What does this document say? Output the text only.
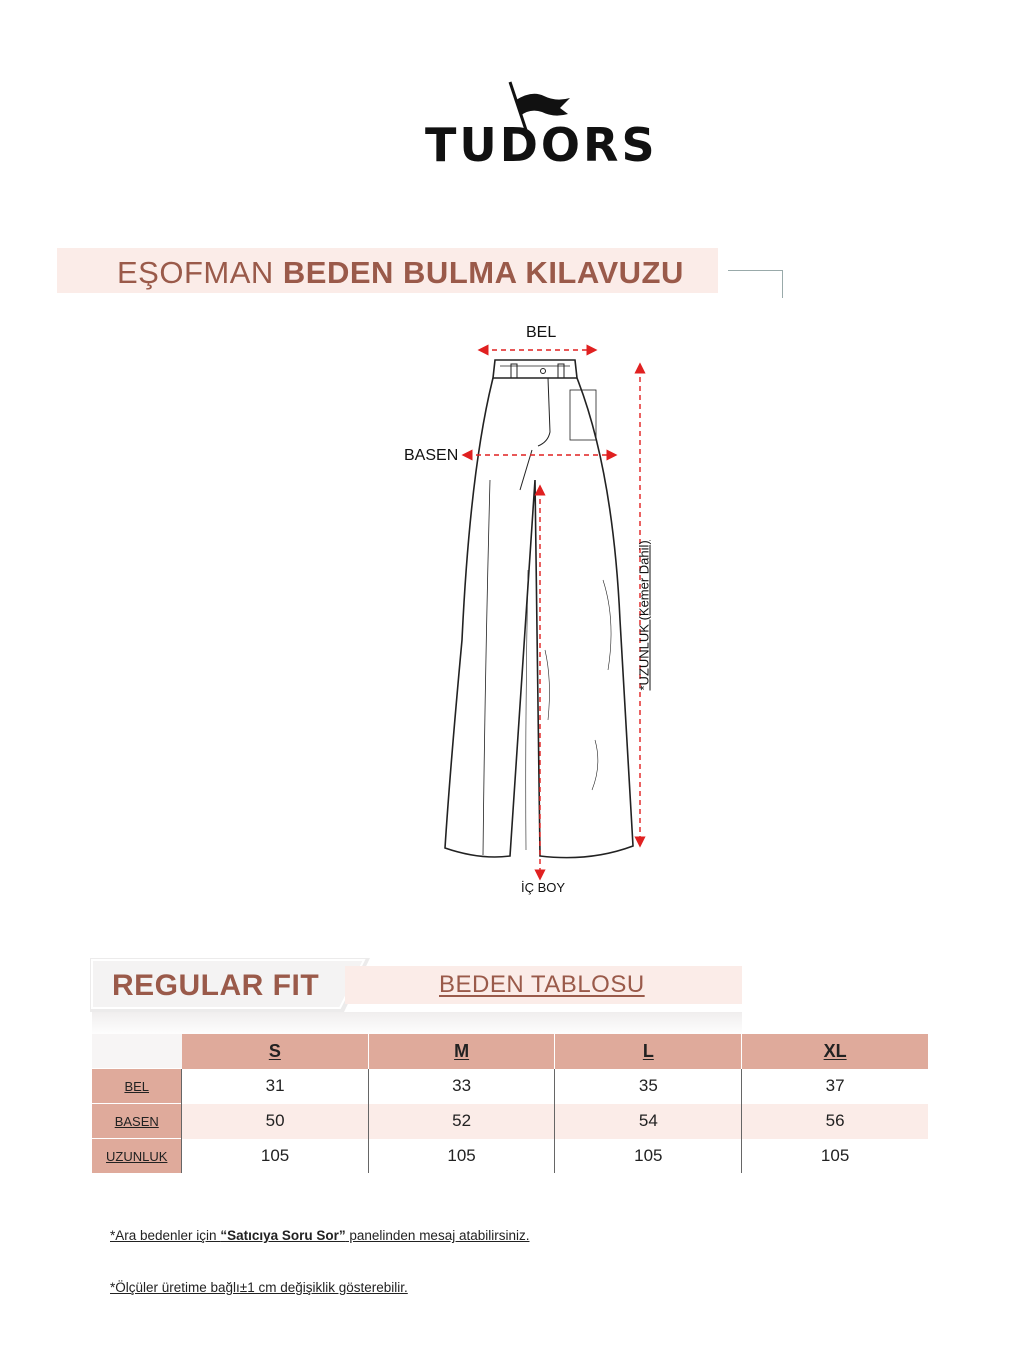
TUDORS
EŞOFMAN BEDEN BULMA KILAVUZU
BEL
BASEN
İÇ BOY
*UZUNLUK (Kemer Dahil)
REGULAR FIT	BEDEN TABLOSU
	S	M	L	XL
BEL	31	33	35	37
BASEN	50	52	54	56
UZUNLUK	105	105	105	105
*Ara bedenler için “Satıcıya Soru Sor” panelinden mesaj atabilirsiniz.
*Ölçüler üretime bağlı±1 cm değişiklik gösterebilir.
